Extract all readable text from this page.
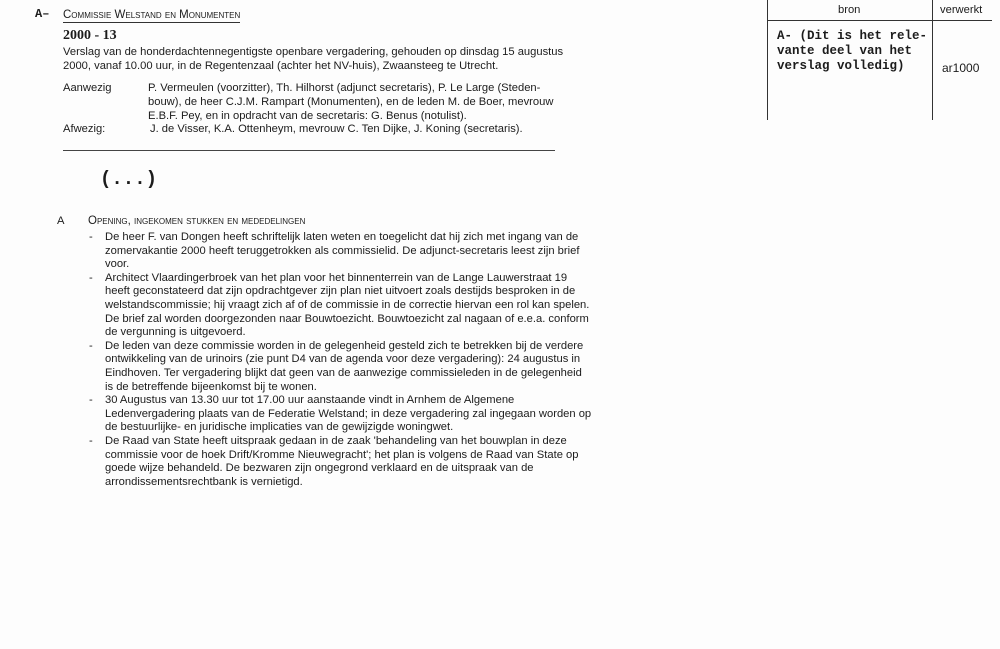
A– Commissie Welstand en Monumenten
2000 - 13
Verslag van de honderdachtennegentigste openbare vergadering, gehouden op dinsdag 15 augustus
2000, vanaf 10.00 uur, in de Regentenzaal (achter het NV-huis), Zwaansteeg te Utrecht.
Aanwezig	P. Vermeulen (voorzitter), Th. Hilhorst (adjunct secretaris), P. Le Large (Steden-
bouw), de heer C.J.M. Rampart (Monumenten), en de leden M. de Boer, mevrouw
E.B.F. Pey, en in opdracht van de secretaris: G. Benus (notulist).
Afwezig:	J. de Visser, K.A. Ottenheym, mevrouw C. Ten Dijke, J. Koning (secretaris).
(...)
A Opening, ingekomen stukken en mededelingen
- De heer F. van Dongen heeft schriftelijk laten weten en toegelicht dat hij zich met ingang van de
zomervakantie 2000 heeft teruggetrokken als commissielid. De adjunct-secretaris leest zijn brief
voor.
- Architect Vlaardingerbroek van het plan voor het binnenterrein van de Lange Lauwerstraat 19
heeft geconstateerd dat zijn opdrachtgever zijn plan niet uitvoert zoals destijds besproken in de
welstandscommissie; hij vraagt zich af of de commissie in de correctie hiervan een rol kan spelen.
De brief zal worden doorgezonden naar Bouwtoezicht. Bouwtoezicht zal nagaan of e.e.a. conform
de vergunning is uitgevoerd.
- De leden van deze commissie worden in de gelegenheid gesteld zich te betrekken bij de verdere
ontwikkeling van de urinoirs (zie punt D4 van de agenda voor deze vergadering): 24 augustus in
Eindhoven. Ter vergadering blijkt dat geen van de aanwezige commissieleden in de gelegenheid
is de betreffende bijeenkomst bij te wonen.
- 30 Augustus van 13.30 uur tot 17.00 uur aanstaande vindt in Arnhem de Algemene
Ledenvergadering plaats van de Federatie Welstand; in deze vergadering zal ingegaan worden op
de bestuurlijke- en juridische implicaties van de gewijzigde woningwet.
- De Raad van State heeft uitspraak gedaan in de zaak 'behandeling van het bouwplan in deze
commissie voor de hoek Drift/Kromme Nieuwegracht'; het plan is volgens de Raad van State op
goede wijze behandeld. De bezwaren zijn ongegrond verklaard en de uitspraak van de
arrondissementsrechtbank is vernietigd.
bron	verwerkt
A- (Dit is het rele-
vante deel van het
verslag volledig)	ar1000
